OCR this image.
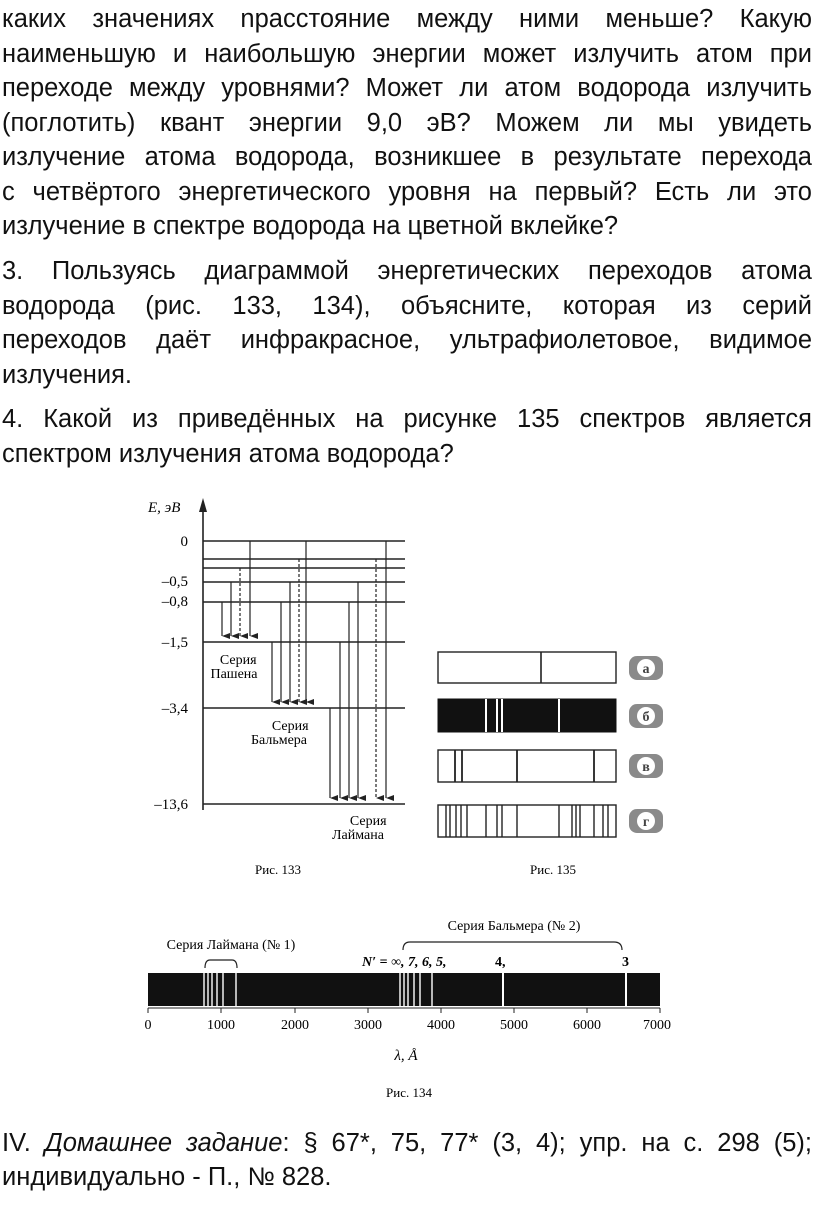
каких значениях nрасстояние между ними меньше? Какую
наименьшую и наибольшую энергии может излучить атом при
переходе между уровнями? Может ли атом водорода излучить
(поглотить) квант энергии 9,0 эВ? Можем ли мы увидеть
излучение атома водорода, возникшее в результате перехода
с четвёртого энергетического уровня на первый? Есть ли это
излучение в спектре водорода на цветной вклейке?
3. Пользуясь диаграммой энергетических переходов атома
водорода (рис. 133, 134), объясните, которая из серий
переходов даёт инфракрасное, ультрафиолетовое, видимое
излучения.
4. Какой из приведённых на рисунке 135 спектров является
спектром излучения атома водорода?
E, эВ
0
–0,5
–0,8
–1,5
–3,4
–13,6
Серия Пашена
Серия Бальмера
Серия Лаймана
Рис. 133
а
б
в
г
Рис. 135
Серия Бальмера (№ 2)
Серия Лаймана (№ 1)
N′ = ∞, 7, 6, 5,	4,	3
0	1000	2000	3000	4000	5000	6000	7000
λ, Å
Рис. 134
IV. Домашнее задание: § 67*, 75, 77* (3, 4); упр. на с. 298 (5);
индивидуально - П., № 828.
